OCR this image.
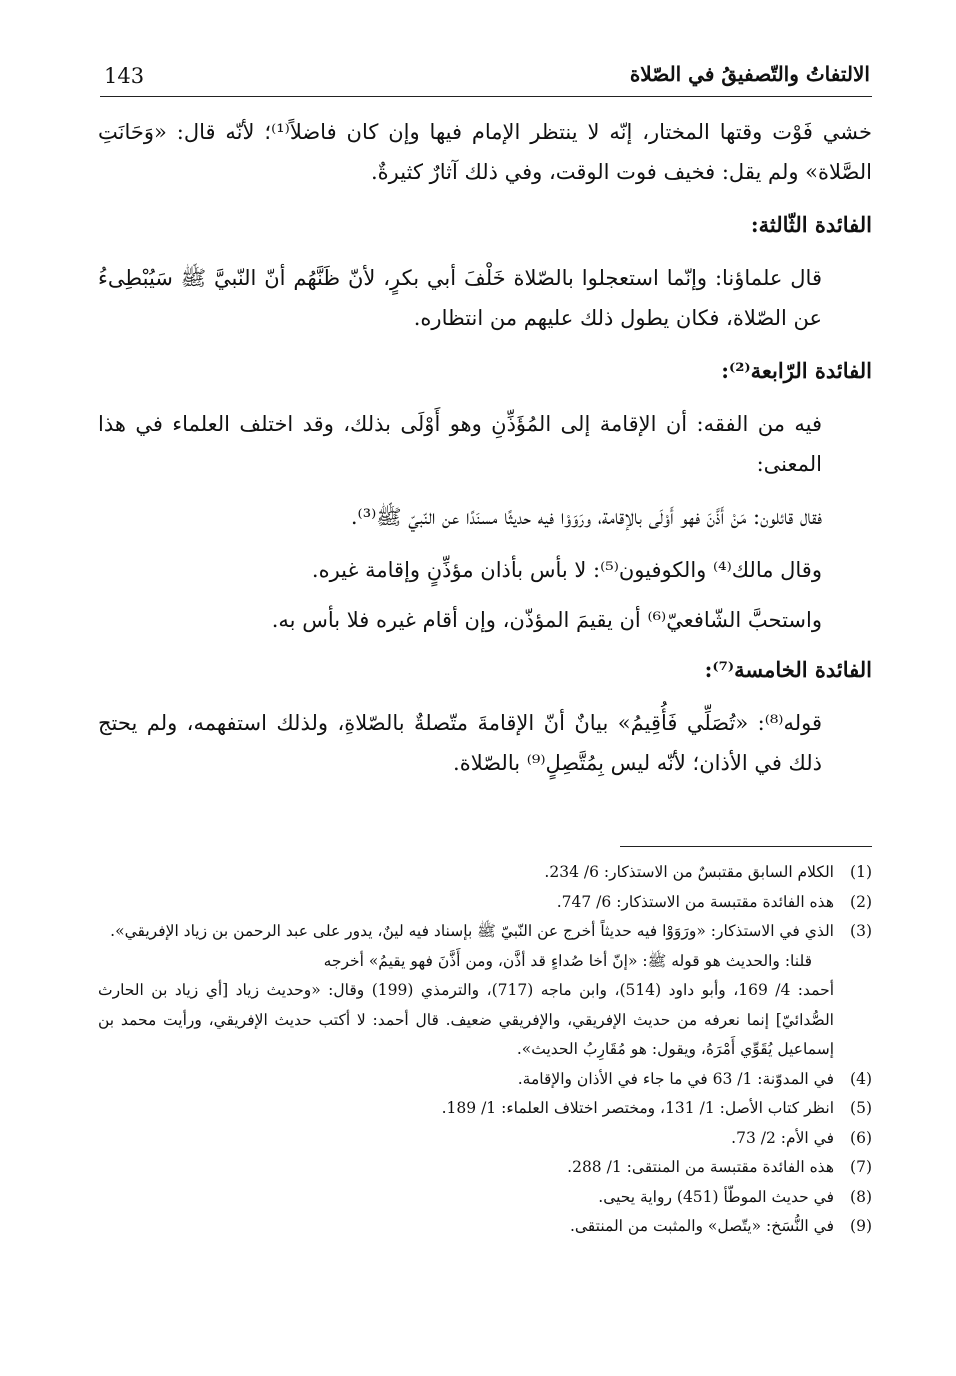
143	الالتفاتُ والتّصفيقُ في الصّلاة

خشي فَوْت وقتها المختار، إنّه لا ينتظر الإمام فيها وإن كان فاضلاً⁽¹⁾؛ لأنّه قال: «وَحَانَتِ الصَّلاة» ولم يقل: فخيف فوت الوقت، وفي ذلك آثارٌ كثيرةٌ.

الفائدة الثّالثة:

قال علماؤنا: وإنّما استعجلوا بالصّلاة خَلْفَ أبي بكرٍ، لأنّ ظَنَّهُم أنّ النّبيَّ ﷺ سَيُبْطِىءُ عن الصّلاة، فكان يطول ذلك عليهم من انتظاره.

الفائدة الرّابعة⁽²⁾:

فيه من الفقه: أن الإقامة إلى المُؤَذِّنِ وهو أَوْلَى بذلك، وقد اختلف العلماء في هذا المعنى:

فقال قائلون: مَنْ أَذَّنَ فهو أَوْلَى بالإقامة، ورَوَوْا فيه حديثًا مسنَدًا عن النّبيّ ﷺ⁽³⁾.

وقال مالك⁽⁴⁾ والكوفيون⁽⁵⁾: لا بأس بأذان مؤذِّنٍ وإقامة غيره.

واستحبَّ الشّافعيّ⁽⁶⁾ أن يقيمَ المؤذّن، وإن أقام غيره فلا بأس به.

الفائدة الخامسة⁽⁷⁾:

قوله⁽⁸⁾: «تُصَلِّي فَأُقِيمُ» بيانٌ أنّ الإقامةَ متّصلةٌ بالصّلاةِ، ولذلك استفهمه، ولم يحتج ذلك في الأذان؛ لأنّه ليس بِمُتَّصِلٍ⁽⁹⁾ بالصّلاة.

(1)
الكلام السابق مقتبسٌ من الاستذكار: 6/ 234.
(2)
هذه الفائدة مقتبسة من الاستذكار: 6/ 747.
(3)
الذي في الاستذكار: «ورَوَوْا فيه حديثاً أخرج عن النّبيّ ﷺ بإسناد فيه لينٌ، يدور على عبد الرحمن بن زياد الإفريقي».
قلنا: والحديث هو قوله ﷺ: «إنّ أخا صُداءٍ قد أذَّن، ومن أَذَّنَ فهو يقيمُ» أخرجه
أحمد: 4/ 169، وأبو داود (514)، وابن ماجه (717)، والترمذي (199) وقال: «وحديث زياد [أي زياد بن الحارث الصُّدائيّ] إنما نعرفه من حديث الإفريقي، والإفريقي ضعيف. قال أحمد: لا أكتب حديث الإفريقي، ورأيت محمد بن إسماعيل يُقَوِّي أَمْرَهُ، ويقول: هو مُقَارِبُ الحديث».
(4)
في المدوّنة: 1/ 63 في ما جاء في الأذان والإقامة.
(5)
انظر كتاب الأصل: 1/ 131، ومختصر اختلاف العلماء: 1/ 189.
(6)
في الأم: 2/ 73.
(7)
هذه الفائدة مقتبسة من المنتقى: 1/ 288.
(8)
في حديث الموطّأ (451) رواية يحيى.
(9)
في النُّسَخ: «يتّصل» والمثبت من المنتقى.
